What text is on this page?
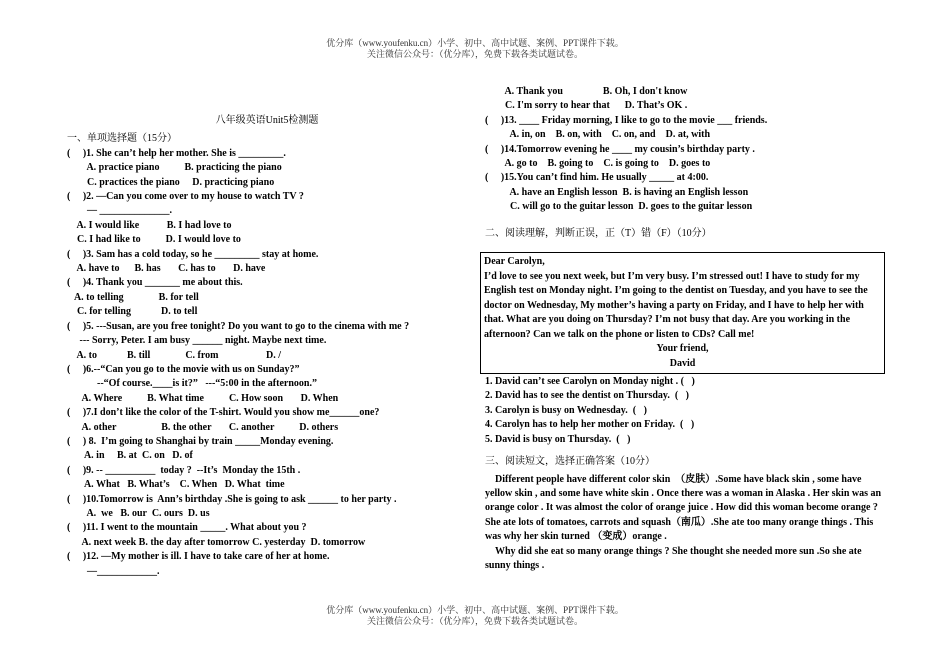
优分库（www.youfenku.cn）小学、初中、高中试题、案例、PPT课件下载。
关注微信公众号：（优分库），免费下载各类试题试卷。
八年级英语Unit5检测题
一、单项选择题（15分）
(     )1. She can’t help her mother. She is _________.
A. practice piano          B. practicing the piano
C. practices the piano     D. practicing piano
(     )2. —Can you come over to my house to watch TV ?
— ______________.
A. I would like           B. I had love to
C. I had like to          D. I would love to
(     )3. Sam has a cold today, so he _________ stay at home.
A. have to      B. has       C. has to       D. have
(     )4. Thank you _______ me about this.
A. to telling              B. for tell
C. for telling            D. to tell
(     )5. ---Susan, are you free tonight? Do you want to go to the cinema with me ?
--- Sorry, Peter. I am busy ______ night. Maybe next time.
A. to            B. till              C. from                   D. /
(     )6.--“Can you go to the movie with us on Sunday?”
--“Of course.____is it?”   ---“5:00 in the afternoon.”
A. Where          B. What time          C. How soon       D. When
(     )7.I don’t like the color of the T-shirt. Would you show me______one?
A. other                  B. the other       C. another          D. others
(     ) 8.  I’m going to Shanghai by train _____Monday evening.
A. in     B. at  C. on   D. of
(     )9. -- __________  today ?  --It’s  Monday the 15th .
A. What   B. What’s    C. When   D. What  time
(     )10.Tomorrow is  Ann’s birthday .She is going to ask ______ to her party .
A.  we   B. our  C. ours  D. us
(     )11. I went to the mountain _____. What about you ?
A. next week B. the day after tomorrow C. yesterday  D. tomorrow
(     )12. —My mother is ill. I have to take care of her at home.
—____________.
A. Thank you                B. Oh, I don't know
C. I'm sorry to hear that      D. That’s OK .
(     )13. ____ Friday morning, I like to go to the movie ___ friends.
A. in, on    B. on, with    C. on, and    D. at, with
(     )14.Tomorrow evening he ____ my cousin’s birthday party .
A. go to    B. going to    C. is going to    D. goes to
(     )15.You can’t find him. He usually _____ at 4:00.
A. have an English lesson  B. is having an English lesson
C. will go to the guitar lesson  D. goes to the guitar lesson
二、阅读理解，判断正误，正（T）错（F）（10分）
Dear Carolyn,
I’d love to see you next week, but I’m very busy. I’m stressed out! I have to study for my English test on Monday night. I’m going to the dentist on Tuesday, and you have to see the doctor on Wednesday, My mother’s having a party on Friday, and I have to help her with that. What are you doing on Thursday? I’m not busy that day. Are you working in the afternoon? Can we talk on the phone or listen to CDs? Call me!
Your friend,
David
1. David can’t see Carolyn on Monday night . (   )
2. David has to see the dentist on Thursday.  (   )
3. Carolyn is busy on Wednesday.  (   )
4. Carolyn has to help her mother on Friday.  (   )
5. David is busy on Thursday.  (   )
三、阅读短文，选择正确答案（10分）
Different people have different color skin  （皮肤）.Some have black skin , some have yellow skin , and some have white skin . Once there was a woman in Alaska . Her skin was an orange color . It was almost the color of orange juice . How did this woman become orange ? She ate lots of tomatoes, carrots and squash（南瓜）.She ate too many orange things . This was why her skin turned （变成）orange .
Why did she eat so many orange things ? She thought she needed more sun .So she ate sunny things .
优分库（www.youfenku.cn）小学、初中、高中试题、案例、PPT课件下载。
关注微信公众号：（优分库），免费下载各类试题试卷。
